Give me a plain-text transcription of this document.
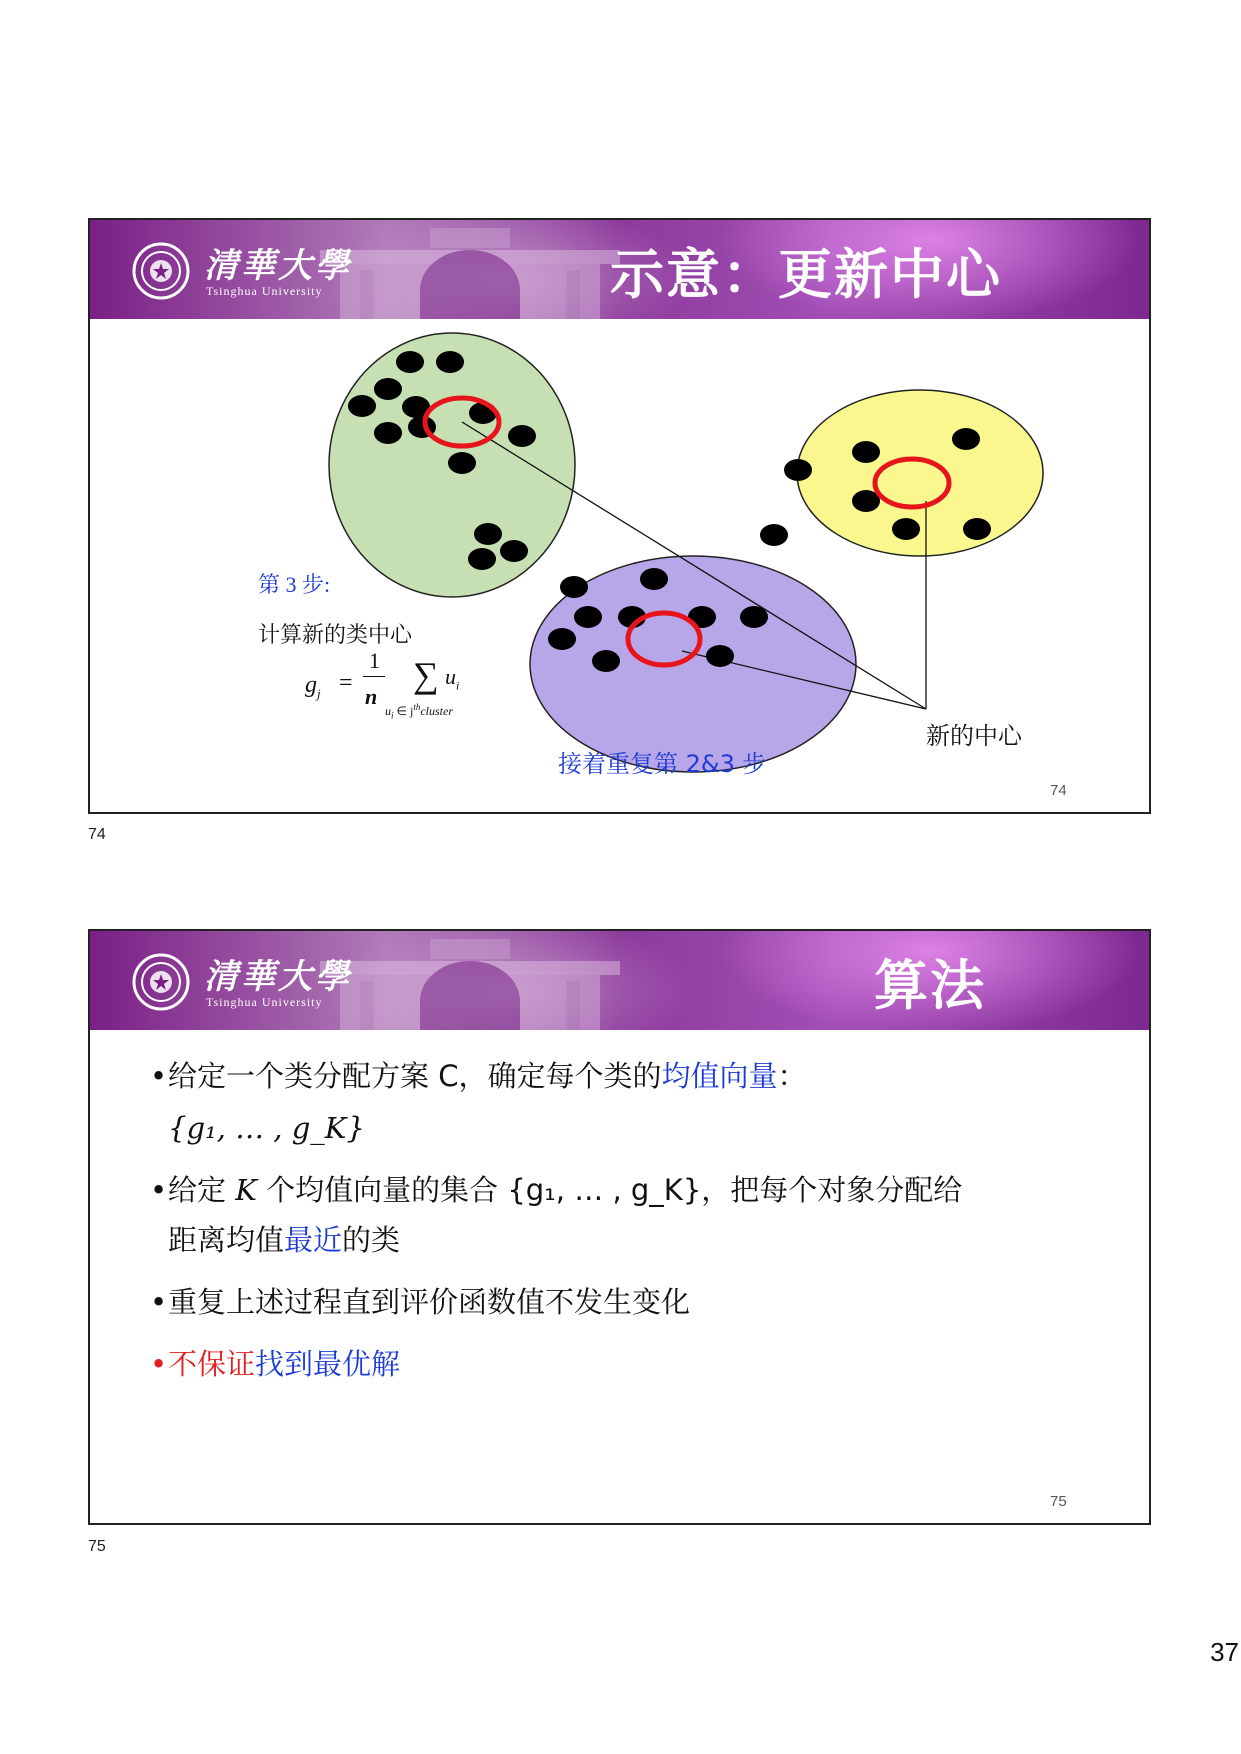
清華大學
Tsinghua University	示意：更新中心
第 3 步:
计算新的类中心
$g_j$ =
1
n
∑ $u_i$
$u_i$ ∈ $j^{th}cluster$
接着重复第 2&3 步
新的中心
74
74
清華大學
Tsinghua University	算法
•给定一个类分配方案 C，确定每个类的均值向量：
{g₁, … , g_K}
•给定 K 个均值向量的集合 {g₁, … , g_K}，把每个对象分配给
距离均值最近的类
•重复上述过程直到评价函数值不发生变化
•不保证找到最优解
75
75
37
